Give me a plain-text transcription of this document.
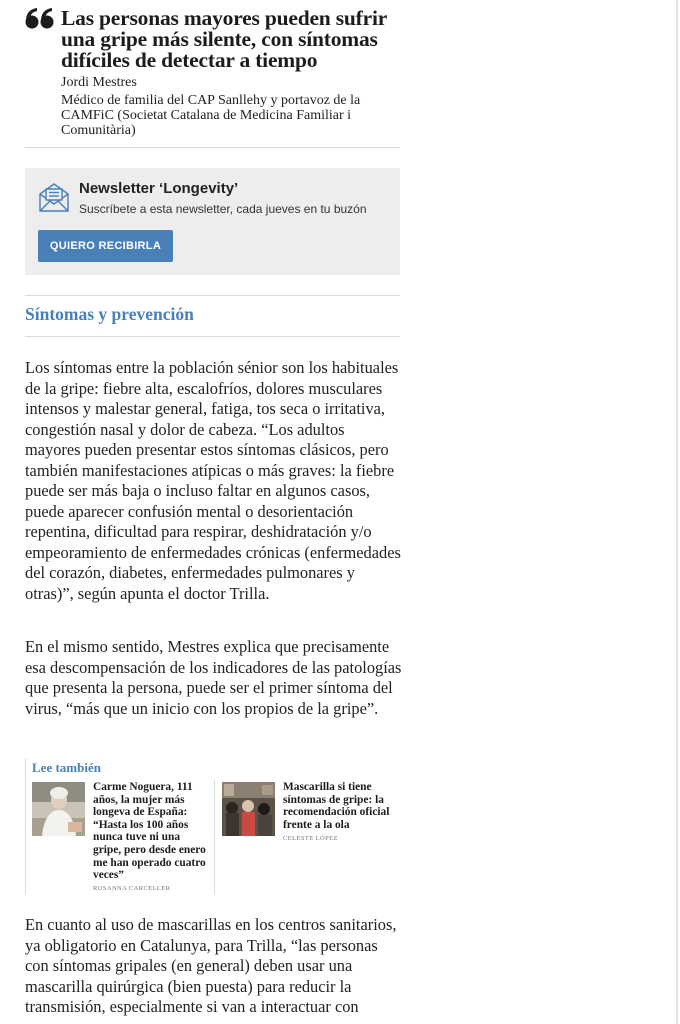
Las personas mayores pueden sufrir una gripe más silente, con síntomas difíciles de detectar a tiempo
Jordi Mestres
Médico de familia del CAP Sanllehy y portavoz de la CAMFiC (Societat Catalana de Medicina Familiar i Comunitària)
Newsletter ‘Longevity’
Suscríbete a esta newsletter, cada jueves en tu buzón
QUIERO RECIBIRLA
Síntomas y prevención

Los síntomas entre la población sénior son los habituales de la gripe: fiebre alta, escalofríos, dolores musculares intensos y malestar general, fatiga, tos seca o irritativa, congestión nasal y dolor de cabeza. “Los adultos mayores pueden presentar estos síntomas clásicos, pero también manifestaciones atípicas o más graves: la fiebre puede ser más baja o incluso faltar en algunos casos, puede aparecer confusión mental o desorientación repentina, dificultad para respirar, deshidratación y/o empeoramiento de enfermedades crónicas (enfermedades del corazón, diabetes, enfermedades pulmonares y otras)”, según apunta el doctor Trilla.

En el mismo sentido, Mestres explica que precisamente esa descompensación de los indicadores de las patologías que presenta la persona, puede ser el primer síntoma del virus, “más que un inicio con los propios de la gripe”.

Lee también
Carme Noguera, 111 años, la mujer más longeva de España: “Hasta los 100 años nunca tuve ni una gripe, pero desde enero me han operado cuatro veces”
ROSANNA CARCELLER
Mascarilla si tiene síntomas de gripe: la recomendación oficial frente a la ola
CELESTE LÓPEZ

En cuanto al uso de mascarillas en los centros sanitarios, ya obligatorio en Catalunya, para Trilla, “las personas con síntomas gripales (en general) deben usar una mascarilla quirúrgica (bien puesta) para reducir la transmisión, especialmente si van a interactuar con
